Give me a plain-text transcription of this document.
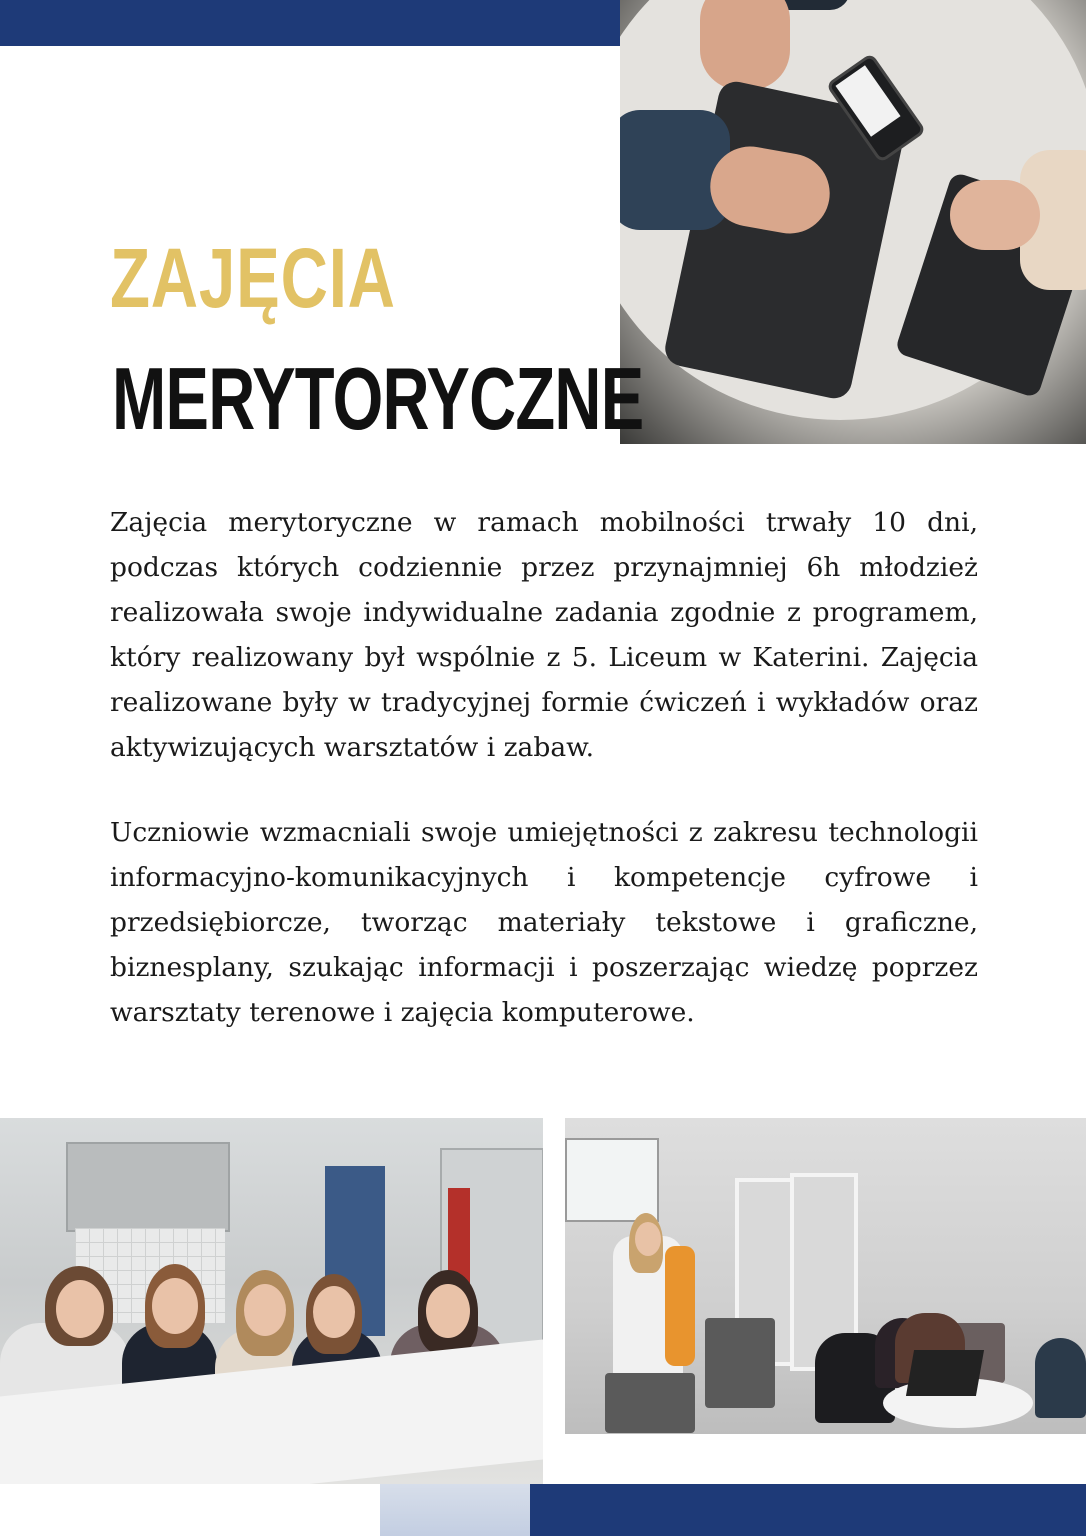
ZAJĘCIA
MERYTORYCZNE

Zajęcia merytoryczne w ramach mobilności trwały 10 dni, podczas których codziennie przez przynajmniej 6h młodzież realizowała swoje indywidualne zadania zgodnie z programem, który realizowany był wspólnie z 5. Liceum w Katerini. Zajęcia realizowane były w tradycyjnej formie ćwiczeń i wykładów oraz aktywizujących warsztatów i zabaw.

Uczniowie wzmacniali swoje umiejętności z zakresu technologii informacyjno-komunikacyjnych i kompetencje cyfrowe i przedsiębiorcze, tworząc materiały tekstowe i graficzne, biznesplany, szukając informacji i poszerzając wiedzę poprzez warsztaty terenowe i zajęcia komputerowe.
